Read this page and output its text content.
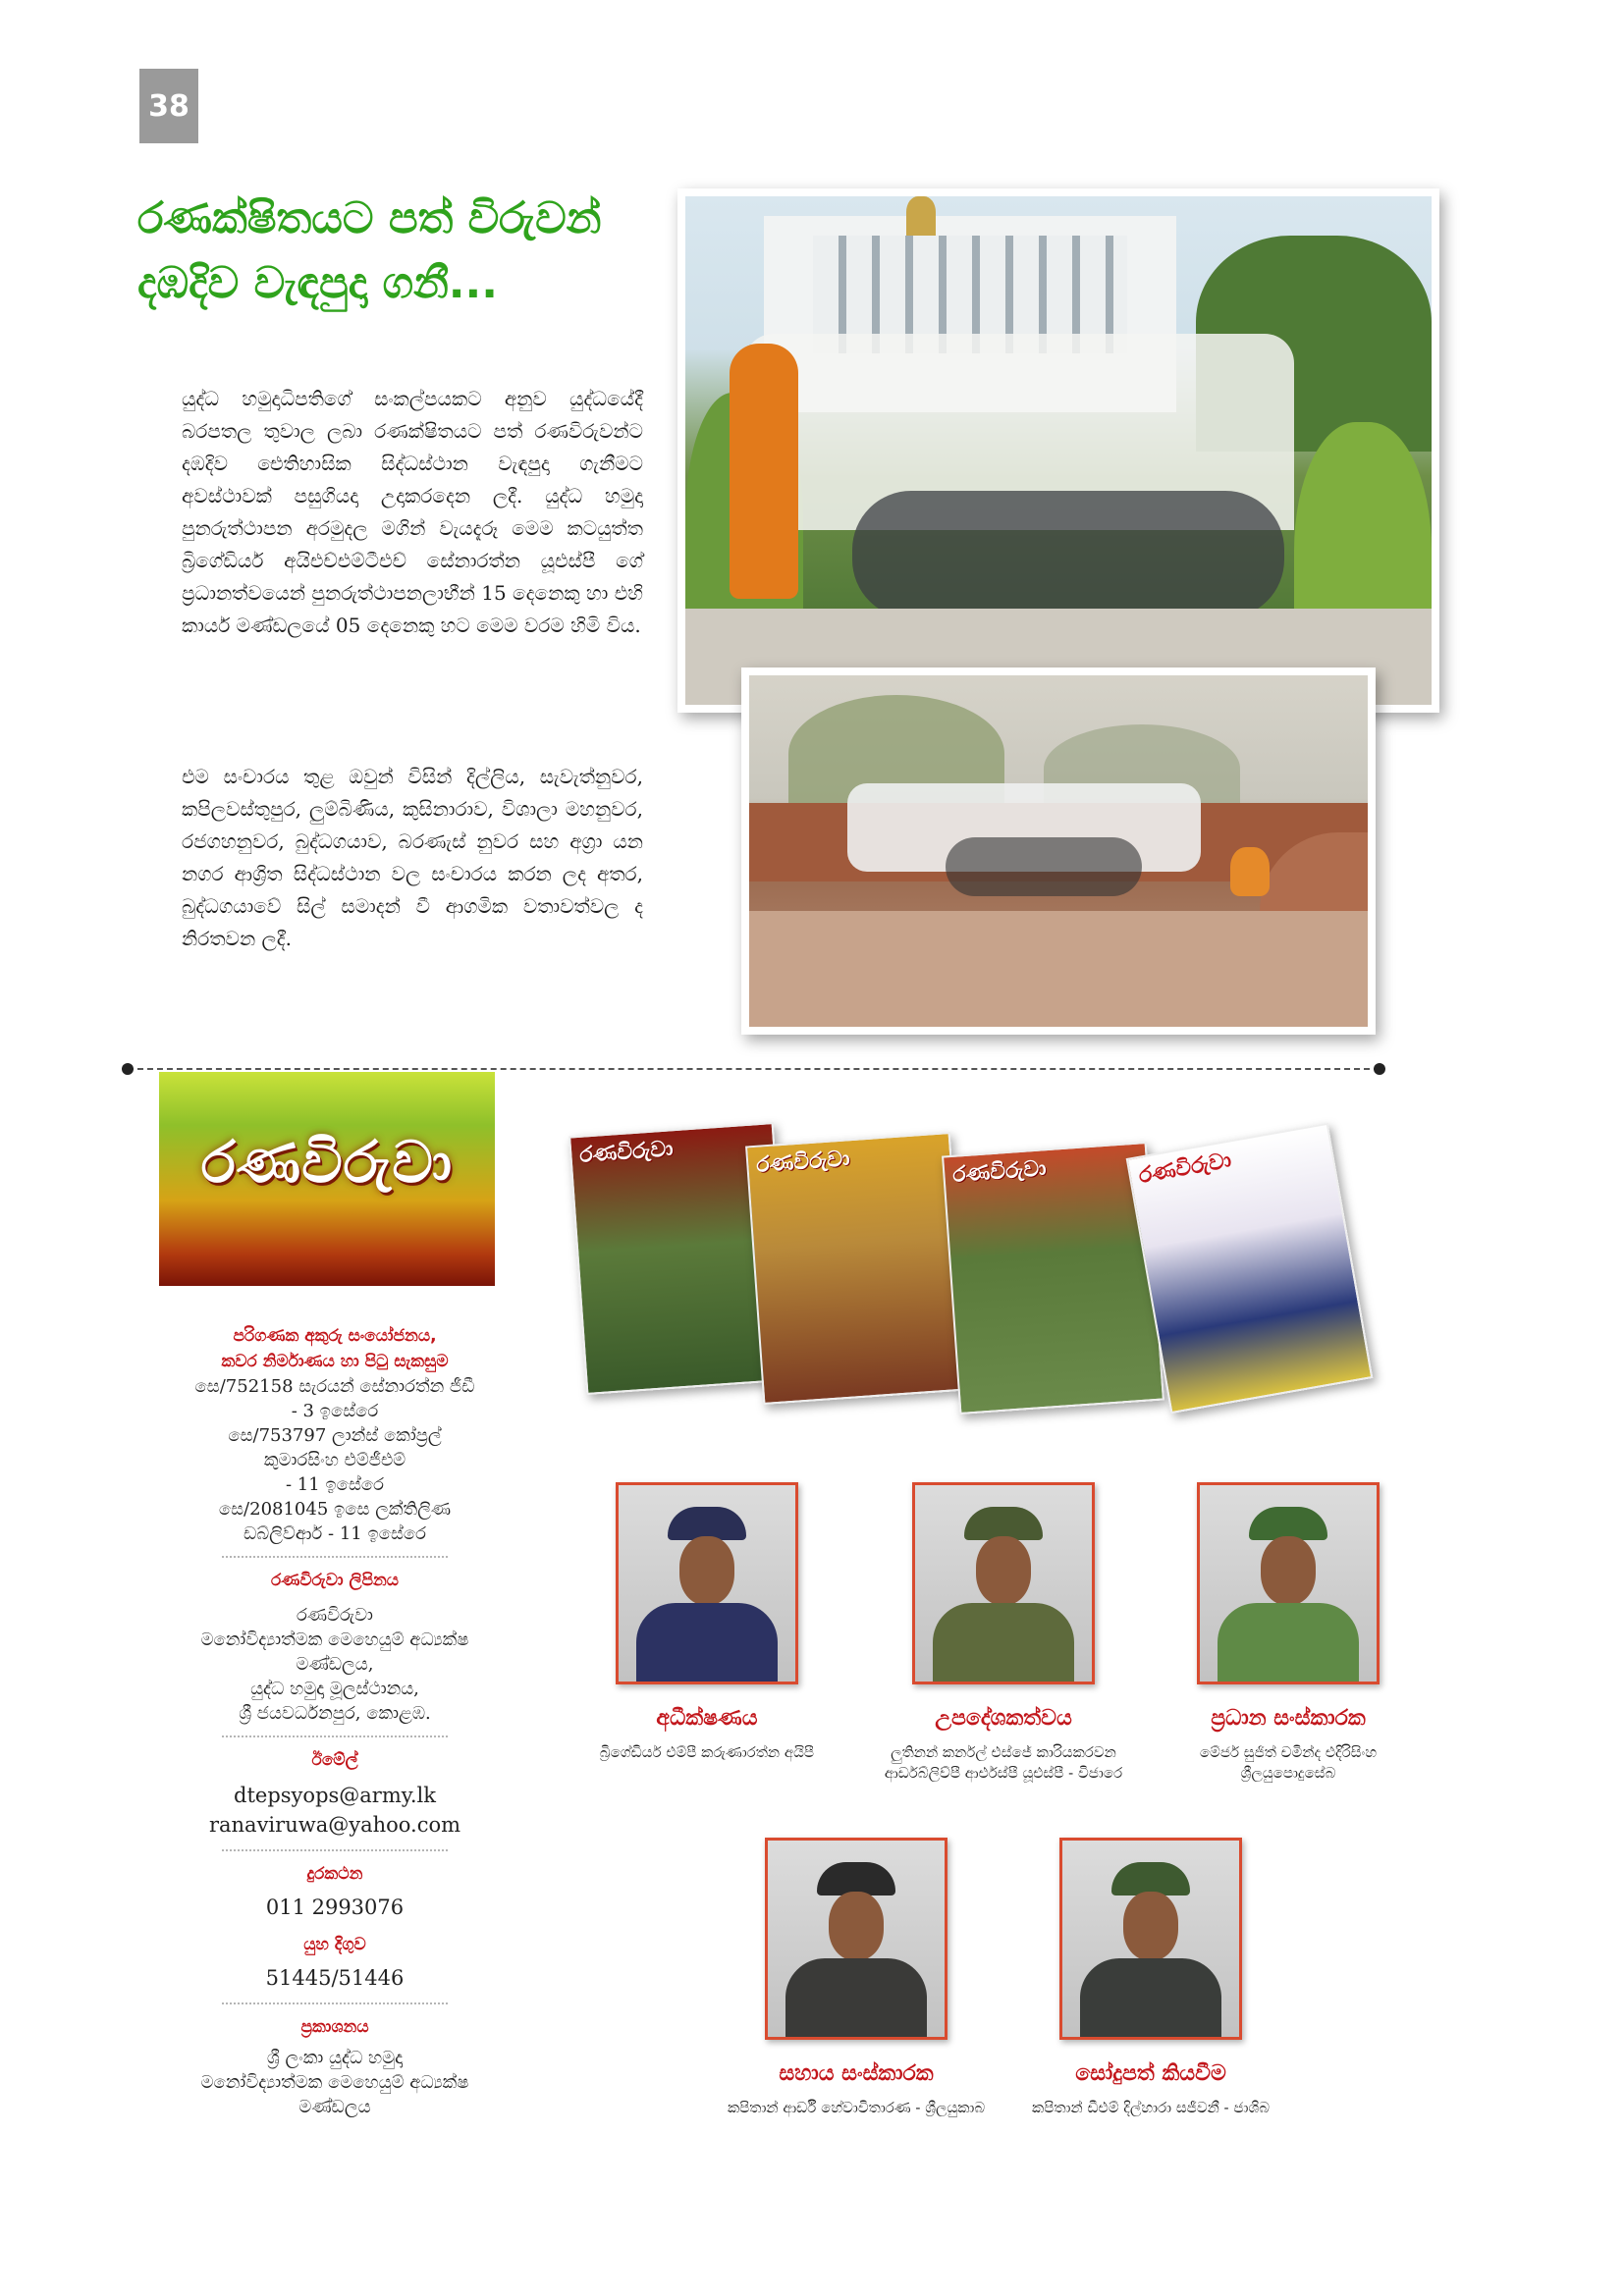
38
රණක්ෂිතයට පත් විරුවන්
දඹදිව වැඳපුදා ගනී...
යුද්ධ හමුදාධිපතිගේ සංකල්පයකට අනුව යුද්ධයේදී බරපතල තුවාල ලබා රණක්ෂිතයට පත් රණවිරුවන්ට දඹදිව ඓතිහාසික සිද්ධස්ථාන වැඳපුදා ගැනීමට අවස්ථාවක් පසුගියදා උදාකරදෙන ලදී. යුද්ධ හමුදා පුනරුත්ථාපන අරමුදල මගින් වැයදැරූ මෙම කටයුත්ත බ්‍රිගේඩියර් අයිඑච්එම්ටීඑච් සේනාරත්න යූඑස්පී ගේ ප්‍රධානත්වයෙන් පුනරුත්ථාපනලාභීන් 15 දෙනෙකු හා එහි කාර්ය මණ්ඩලයේ 05 දෙනෙකු හට මෙම වරම හිමි විය.
එම සංචාරය තුළ ඔවුන් විසින් දිල්ලිය, සැවැත්නුවර, කපිලවස්තුපුර, ලුම්බිණිය, කුසිනාරාව, විශාලා මහනුවර, රජගහනුවර, බුද්ධගයාව, බරණැස් නුවර සහ අග්‍රා යන නගර ආශ්‍රිත සිද්ධස්ථාන වල සංචාරය කරන ලද අතර, බුද්ධගයාවේ සිල් සමාදන් වී ආගමික වතාවත්වල ද නිරතවන ලදී.
රණවිරුවා
පරිගණක අකුරු සංයෝජනය,
කවර නිර්මාණය හා පිටු සැකසුම
සෙ/752158 සැරයන් සේනාරත්න ජීඩී
- 3 ඉසේරෙ
සෙ/753797 ලාන්ස් කෝප්‍රල්
කුමාරසිංහ එම්ජීඑම්
- 11 ඉසේරෙ
සෙ/2081045 ඉසෙ ලක්තිලිණ
ඩබ්ලිව්ආර් - 11 ඉසේරෙ
රණවිරුවා ලිපිනය
රණවිරුවා
මනෝවිද්‍යාත්මක මෙහෙයුම් අධ්‍යක්ෂ
මණ්ඩලය,
යුද්ධ හමුදා මූලස්ථානය,
ශ්‍රී ජයවර්ධනපුර, කොළඹ.
ඊමේල්
dtepsyops@army.lk
ranaviruwa@yahoo.com
දුරකථන
011 2993076
යුහ දිගුව
51445/51446
ප්‍රකාශනය
ශ්‍රී ලංකා යුද්ධ හමුදා
මනෝවිද්‍යාත්මක මෙහෙයුම් අධ්‍යක්ෂ
මණ්ඩලය
රණවිරුවා	රණවිරුවා	රණවිරුවා	රණවිරුවා
අධීක්ෂණය
බ්‍රිගේඩියර් එම්පී කරුණාරත්න අයිපී
උපදේශකත්වය
ලුතිනන් කර්නල් එස්ජේ කාරියකරවන
ආර්ඩබ්ලිව්පී ආර්එස්පී යූඑස්පී - විජාරෙ
ප්‍රධාන සංස්කාරක
මේජර් සුජිත් චමින්ද එදිරිසිංහ
ශ්‍රීලයුපොදුසේබ
සහාය සංස්කාරක
කපිතාන් ආර්ඩී හේවාවිතාරණ - ශ්‍රීලයුකාබ
සෝදුපත් කියවීම
කපිතාන් ඩීඑම් දිල්හාරා සජීවනී - ජාශිබ
